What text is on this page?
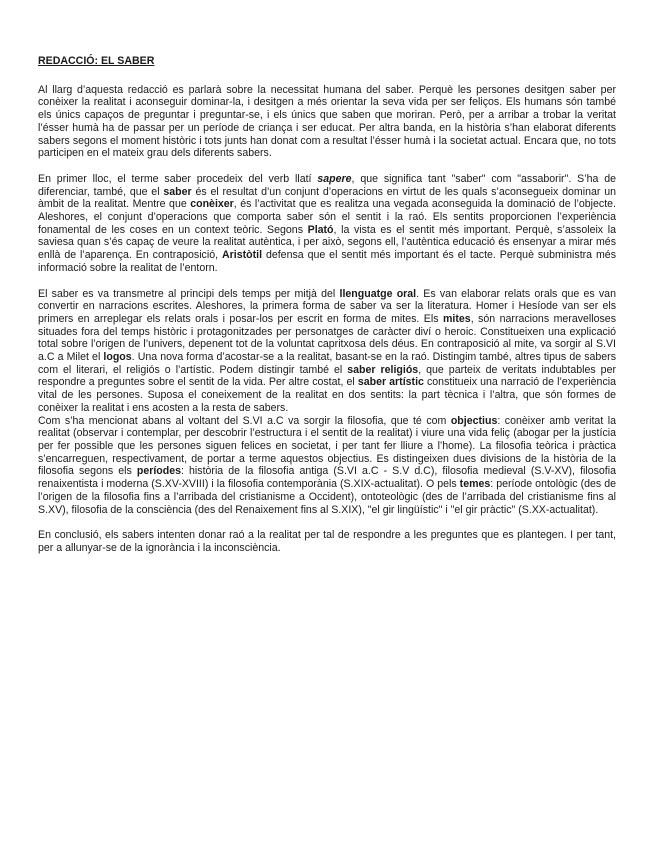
REDACCIÓ: EL SABER

Al llarg d’aquesta redacció es parlarà sobre la necessitat humana del saber. Perquè les persones desitgen saber per conèixer la realitat i aconseguir dominar-la, i desitgen a més orientar la seva vida per ser feliços. Els humans són també els únics capaços de preguntar i preguntar-se, i els únics que saben que moriran. Però, per a arribar a trobar la veritat l’ésser humà ha de passar per un període de criança i ser educat. Per altra banda, en la història s’han elaborat diferents sabers segons el moment històric i tots junts han donat com a resultat l’ésser humà i la societat actual. Encara que, no tots participen en el mateix grau dels diferents sabers.

En primer lloc, el terme saber procedeix del verb llatí sapere, que significa tant "saber" com "assaborir". S’ha de diferenciar, també, que el saber és el resultat d’un conjunt d’operacions en virtut de les quals s’aconsegueix dominar un àmbit de la realitat. Mentre que conèixer, és l’activitat que es realitza una vegada aconseguida la dominació de l’objecte. Aleshores, el conjunt d’operacions que comporta saber són el sentit i la raó. Els sentits proporcionen l’experiència fonamental de les coses en un context teòric. Segons Plató, la vista es el sentit més important. Perquè, s’assoleix la saviesa quan s’és capaç de veure la realitat autèntica, i per això, segons ell, l’autèntica educació és ensenyar a mirar més enllà de l’aparença. En contraposició, Aristòtil defensa que el sentit més important és el tacte. Perquè subministra més informació sobre la realitat de l’entorn.

El saber es va transmetre al principi dels temps per mitjà del llenguatge oral. Es van elaborar relats orals que es van convertir en narracions escrites. Aleshores, la primera forma de saber va ser la literatura. Homer i Hesíode van ser els primers en arreplegar els relats orals i posar-los per escrit en forma de mites. Els mites, són narracions meravelloses situades fora del temps històric i protagonitzades per personatges de caràcter diví o heroic. Constitueixen una explicació total sobre l’origen de l’univers, depenent tot de la voluntat capritxosa dels déus. En contraposició al mite, va sorgir al S.VI a.C a Milet el logos. Una nova forma d’acostar-se a la realitat, basant-se en la raó. Distingim també, altres tipus de sabers com el literari, el religiós o l’artístic. Podem distingir també el saber religiós, que parteix de veritats indubtables per respondre a preguntes sobre el sentit de la vida. Per altre costat, el saber artístic constitueix una narració de l’experiència vital de les persones. Suposa el coneixement de la realitat en dos sentits: la part tècnica i l’altra, que són formes de conèixer la realitat i ens acosten a la resta de sabers.

Com s’ha mencionat abans al voltant del S.VI a.C va sorgir la filosofia, que té com objectius: conèixer amb veritat la realitat (observar i contemplar, per descobrir l’estructura i el sentit de la realitat) i viure una vida feliç (abogar per la justícia per fer possible que les persones siguen felices en societat, i per tant fer lliure a l’home). La filosofia teòrica i pràctica s’encarreguen, respectivament, de portar a terme aquestos objectius. Es distingeixen dues divisions de la història de la filosofia segons els períodes: història de la filosofia antiga (S.VI a.C - S.V d.C), filosofia medieval (S.V-XV), filosofia renaixentista i moderna (S.XV-XVIII) i la filosofia contemporània (S.XIX-actualitat). O pels temes: període ontològic (des de l’origen de la filosofia fins a l’arribada del cristianisme a Occident), ontoteològic (des de l’arribada del cristianisme fins al S.XV), filosofia de la consciència (des del Renaixement fins al S.XIX), "el gir lingüístic" i "el gir pràctic" (S.XX-actualitat).

En conclusió, els sabers intenten donar raó a la realitat per tal de respondre a les preguntes que es plantegen. I per tant, per a allunyar-se de la ignorància i la inconsciència.
